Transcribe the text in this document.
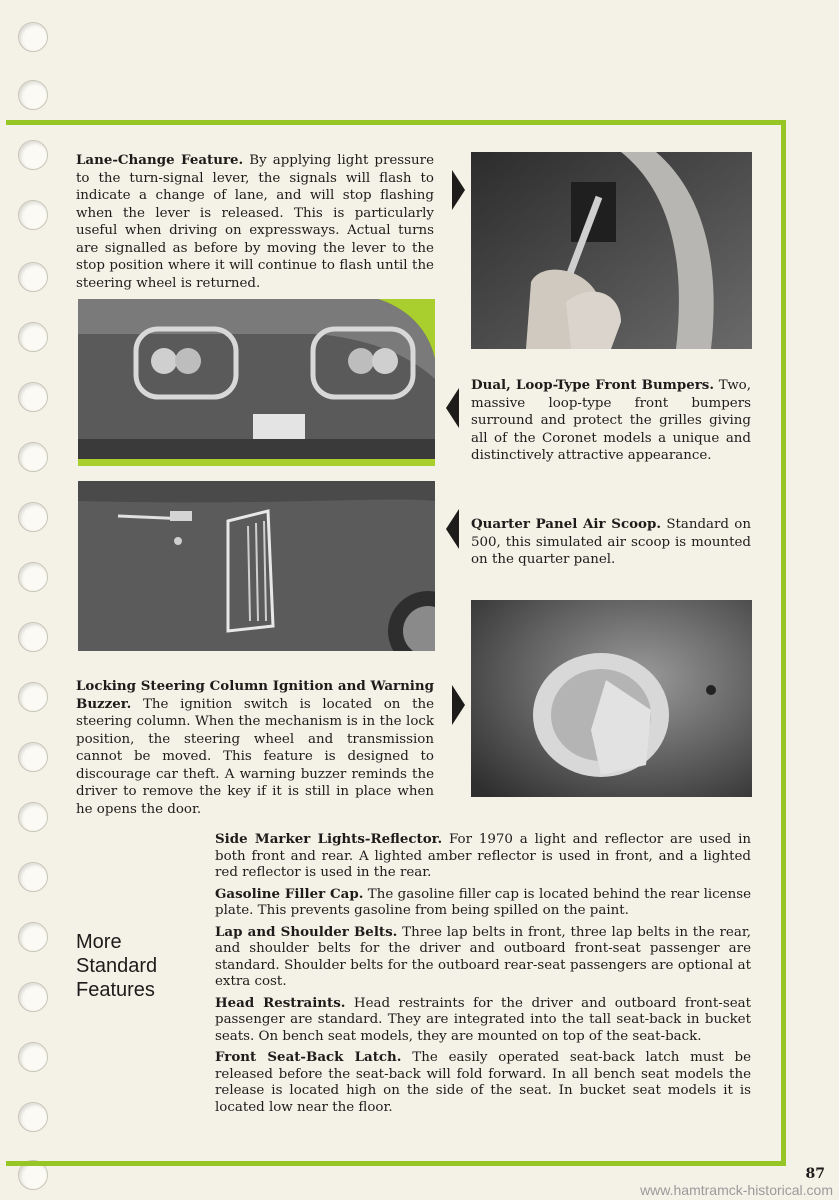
Lane-Change Feature. By applying light pressure to the turn-signal lever, the signals will flash to indicate a change of lane, and will stop flashing when the lever is released. This is particularly useful when driving on expressways. Actual turns are signalled as before by moving the lever to the stop position where it will continue to flash until the steering wheel is returned.

Dual, Loop-Type Front Bumpers. Two, massive loop-type front bumpers surround and protect the grilles giving all of the Coronet models a unique and distinctively attractive appearance.

Quarter Panel Air Scoop. Standard on 500, this simulated air scoop is mounted on the quarter panel.

Locking Steering Column Ignition and Warning Buzzer. The ignition switch is located on the steering column. When the mechanism is in the lock position, the steering wheel and transmission cannot be moved. This feature is designed to discourage car theft. A warning buzzer reminds the driver to remove the key if it is still in place when he opens the door.

More
Standard
Features

Side Marker Lights-Reflector. For 1970 a light and reflector are used in both front and rear. A lighted amber reflector is used in front, and a lighted red reflector is used in the rear.

Gasoline Filler Cap. The gasoline filler cap is located behind the rear license plate. This prevents gasoline from being spilled on the paint.

Lap and Shoulder Belts. Three lap belts in front, three lap belts in the rear, and shoulder belts for the driver and outboard front-seat passenger are standard. Shoulder belts for the outboard rear-seat passengers are optional at extra cost.

Head Restraints. Head restraints for the driver and outboard front-seat passenger are standard. They are integrated into the tall seat-back in bucket seats. On bench seat models, they are mounted on top of the seat-back.

Front Seat-Back Latch. The easily operated seat-back latch must be released before the seat-back will fold forward. In all bench seat models the release is located high on the side of the seat. In bucket seat models it is located low near the floor.

87
www.hamtramck-historical.com
